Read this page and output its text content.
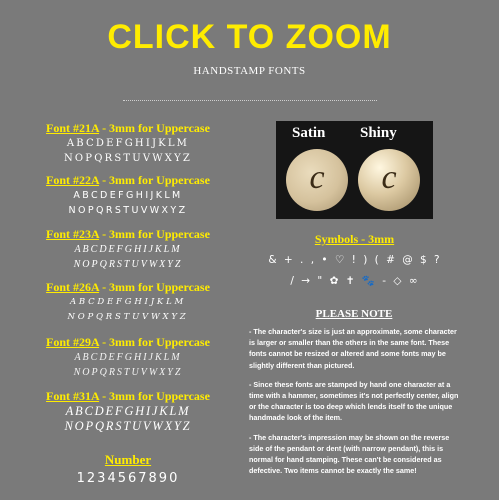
CLICK TO ZOOM
HANDSTAMP FONTS
Font #21A - 3mm for Uppercase
ABCDEFGHIJKLM
NOPQRSTUVWXYZ
Font #22A - 3mm for Uppercase
ABCDEFGHIJKLM
NOPQRSTUVWXYZ
Font #23A - 3mm for Uppercase
ABCDEFGHIJKLM
NOPQRSTUVWXYZ
Font #26A - 3mm for Uppercase
ABCDEFGHIJKLM
NOPQRSTUVWXYZ
Font #29A - 3mm for Uppercase
ABCDEFGHIJKLM
NOPQRSTUVWXYZ
Font #31A - 3mm for Uppercase
ABCDEFGHIJKLM
NOPQRSTUVWXYZ
Number
1234567890
Satin Shiny
c	c
Symbols - 3mm
& + . , • ♡ ! ) ( # @ $ ?
/ → " ✿ ✝ 🐾 - ◇ ∞
PLEASE NOTE

- The character's size is just an approximate, some character is larger or smaller than the others in the same font. These fonts cannot be resized or altered and some fonts may be slightly different than pictured.

- Since these fonts are stamped by hand one character at a time with a hammer, sometimes it's not perfectly center, align or the character is too deep which lends itself to the unique handmade look of the item.

- The character's impression may be shown on the reverse side of the pendant or dent (with narrow pendant), this is normal for hand stamping. These can't be considered as defective. Two items cannot be exactly the same!
